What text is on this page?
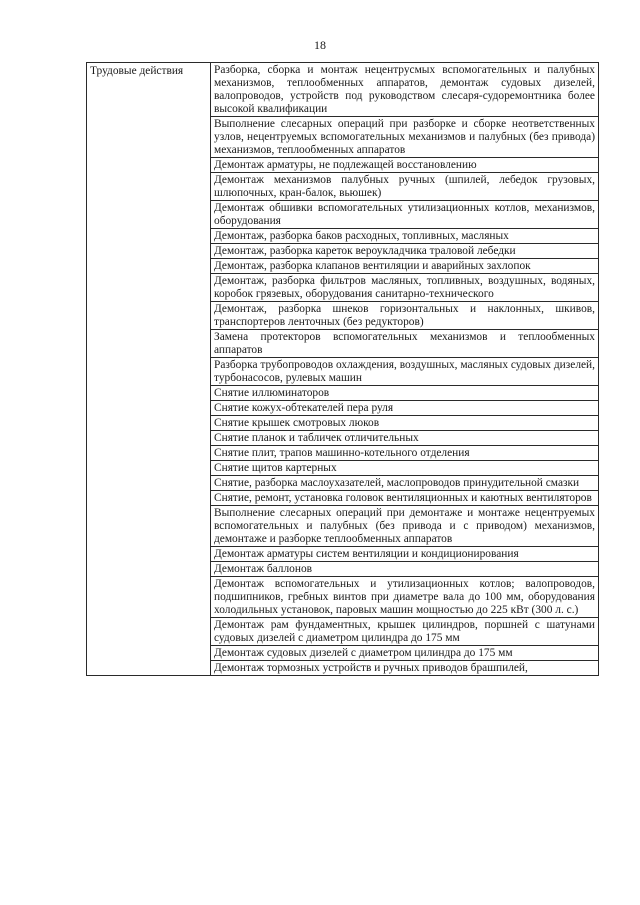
18
Трудовые действия	Разборка, сборка и монтаж нецентрусмых вспомогательных и палубных механизмов, теплообменных аппаратов, демонтаж судовых дизелей, валопроводов, устройств под руководством слесаря-судоремонтника более высокой квалификации
Выполнение слесарных операций при разборке и сборке неответственных узлов, нецентруемых вспомогательных механизмов и палубных (без привода) механизмов, теплообменных аппаратов
Демонтаж арматуры, не подлежащей восстановлению
Демонтаж механизмов палубных ручных (шпилей, лебедок грузовых, шлюпочных, кран-балок, вьюшек)
Демонтаж обшивки вспомогательных утилизационных котлов, механизмов, оборудования
Демонтаж, разборка баков расходных, топливных, масляных
Демонтаж, разборка кареток вероукладчика траловой лебедки
Демонтаж, разборка клапанов вентиляции и аварийных захлопок
Демонтаж, разборка фильтров масляных, топливных, воздушных, водяных, коробок грязевых, оборудования санитарно-технического
Демонтаж, разборка шнеков горизонтальных и наклонных, шкивов, транспортеров ленточных (без редукторов)
Замена протекторов вспомогательных механизмов и теплообменных аппаратов
Разборка трубопроводов охлаждения, воздушных, масляных судовых дизелей, турбонасосов, рулевых машин
Снятие иллюминаторов
Снятие кожух-обтекателей пера руля
Снятие крышек смотровых люков
Снятие планок и табличек отличительных
Снятие плит, трапов машинно-котельного отделения
Снятие щитов картерных
Снятие, разборка маслоухазателей, маслопроводов принудительной смазки
Снятие, ремонт, установка головок вентиляционных и каютных вентиляторов
Выполнение слесарных операций при демонтаже и монтаже нецентруемых вспомогательных и палубных (без привода и с приводом) механизмов, демонтаже и разборке теплообменных аппаратов
Демонтаж арматуры систем вентиляции и кондиционирования
Демонтаж баллонов
Демонтаж вспомогательных и утилизационных котлов; валопроводов, подшипников, гребных винтов при диаметре вала до 100 мм, оборудования холодильных установок, паровых машин мощностью до 225 кВт (300 л. с.)
Демонтаж рам фундаментных, крышек цилиндров, поршней с шатунами судовых дизелей с диаметром цилиндра до 175 мм
Демонтаж судовых дизелей с диаметром цилиндра до 175 мм
Демонтаж тормозных устройств и ручных приводов брашпилей,
